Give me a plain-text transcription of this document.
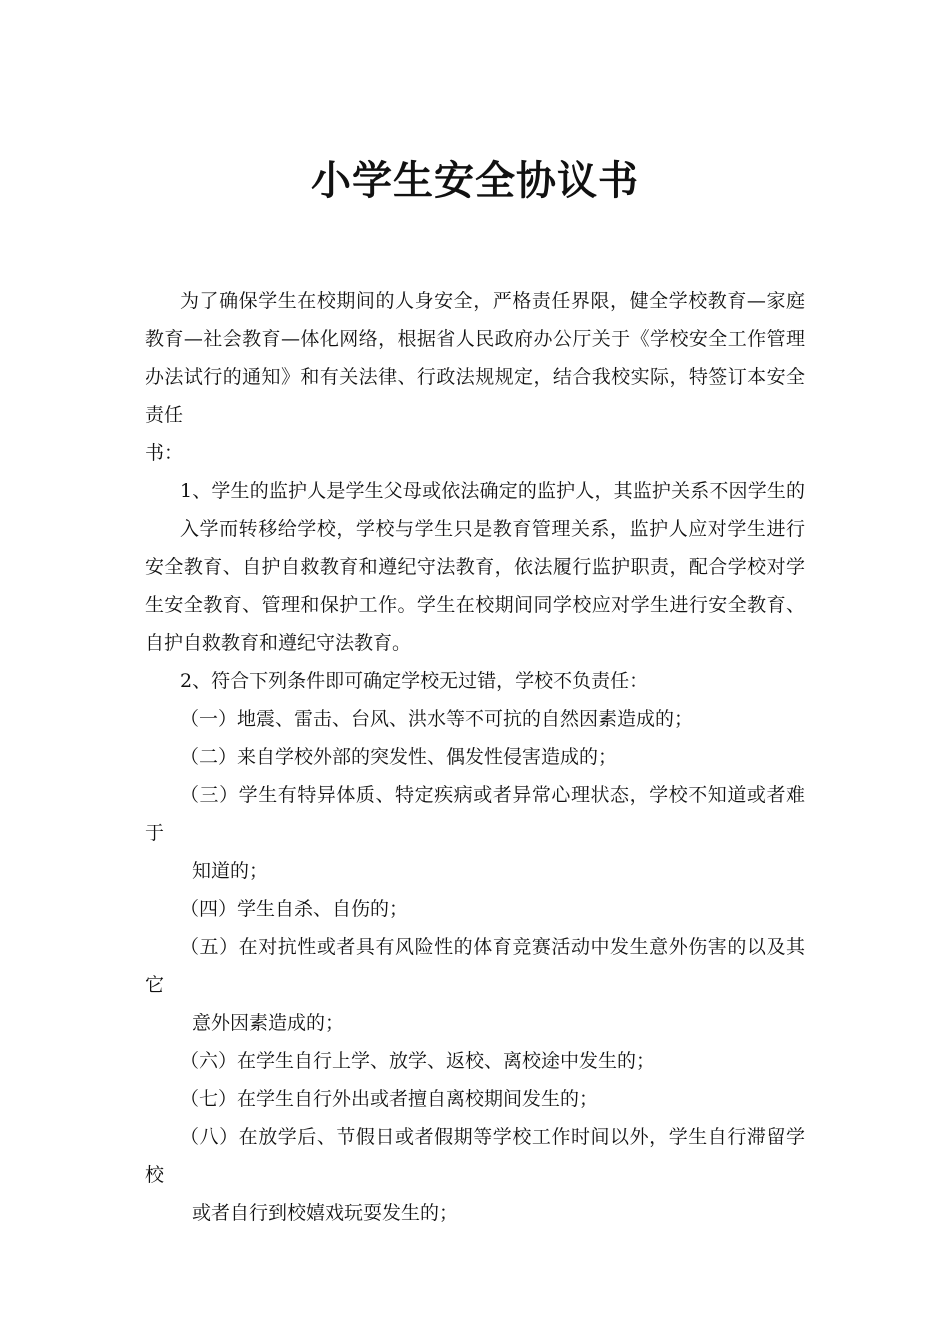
小学生安全协议书
为了确保学生在校期间的人身安全，严格责任界限，健全学校教育—家庭
教育—社会教育—体化网络，根据省人民政府办公厅关于《学校安全工作管理
办法试行的通知》和有关法律、行政法规规定，结合我校实际，特签订本安全
责任
书：
1、学生的监护人是学生父母或依法确定的监护人，其监护关系不因学生的
入学而转移给学校，学校与学生只是教育管理关系，监护人应对学生进行
安全教育、自护自救教育和遵纪守法教育，依法履行监护职责，配合学校对学
生安全教育、管理和保护工作。学生在校期间同学校应对学生进行安全教育、
自护自救教育和遵纪守法教育。
2、符合下列条件即可确定学校无过错，学校不负责任：
（一）地震、雷击、台风、洪水等不可抗的自然因素造成的；
（二）来自学校外部的突发性、偶发性侵害造成的；
（三）学生有特异体质、特定疾病或者异常心理状态，学校不知道或者难
于
知道的；
（四）学生自杀、自伤的；
（五）在对抗性或者具有风险性的体育竞赛活动中发生意外伤害的以及其
它
意外因素造成的；
（六）在学生自行上学、放学、返校、离校途中发生的；
（七）在学生自行外出或者擅自离校期间发生的；
（八）在放学后、节假日或者假期等学校工作时间以外，学生自行滞留学
校
或者自行到校嬉戏玩耍发生的；
